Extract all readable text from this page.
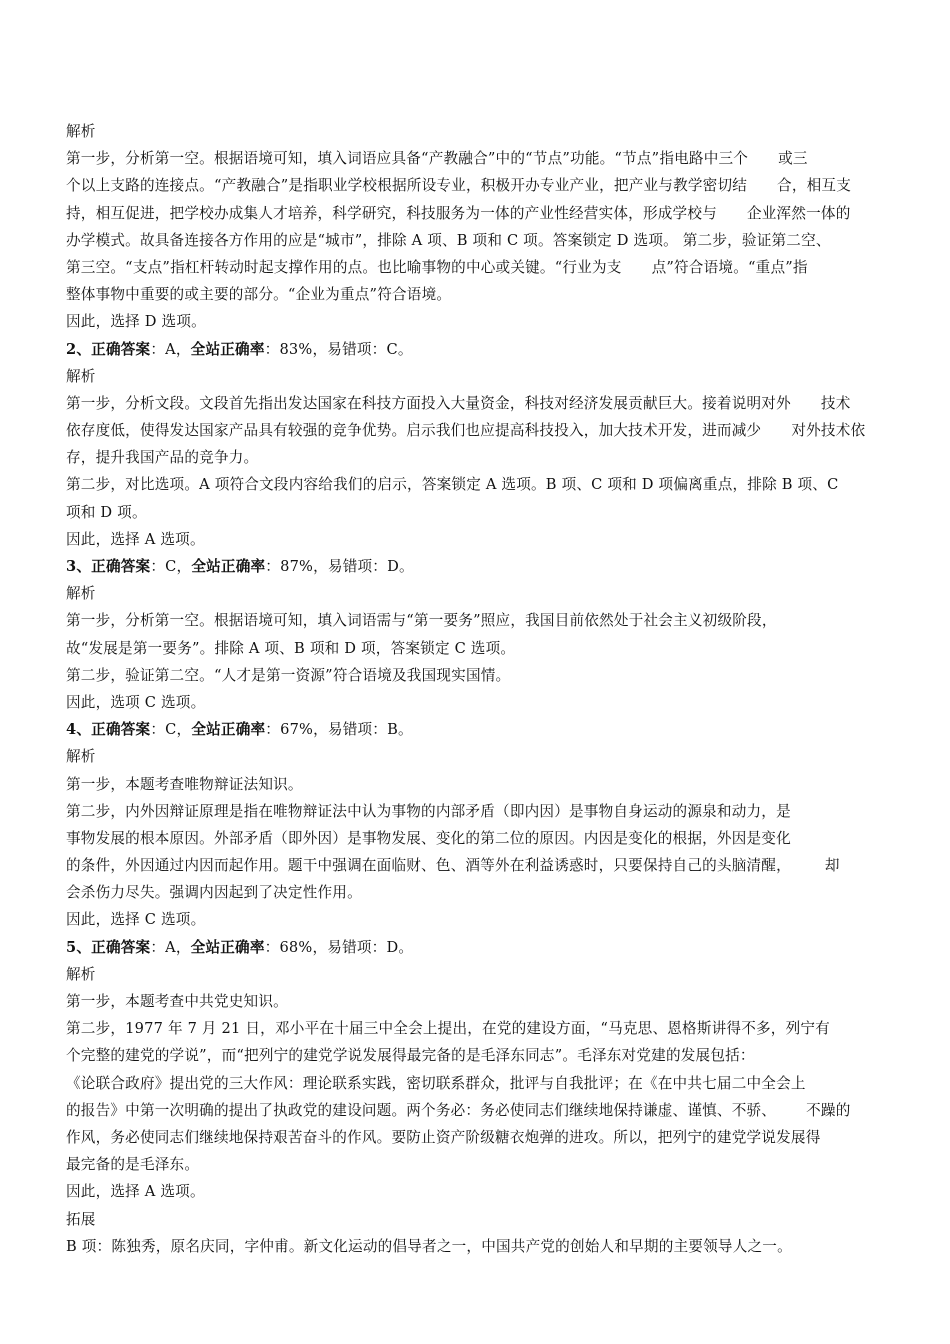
解析
第一步，分析第一空。根据语境可知，填入词语应具备“产教融合”中的“节点”功能。“节点”指电路中三个 或三
个以上支路的连接点。“产教融合”是指职业学校根据所设专业，积极开办专业产业，把产业与教学密切结 合，相互支
持，相互促进，把学校办成集人才培养，科学研究，科技服务为一体的产业性经营实体，形成学校与 企业浑然一体的
办学模式。故具备连接各方作用的应是“城市”，排除 A 项、B 项和 C 项。答案锁定 D 选项。 第二步，验证第二空、
第三空。“支点”指杠杆转动时起支撑作用的点。也比喻事物的中心或关键。“行业为支 点”符合语境。“重点”指
整体事物中重要的或主要的部分。“企业为重点”符合语境。
因此，选择 D 选项。
2、正确答案：A，全站正确率：83%，易错项：C。
解析
第一步，分析文段。文段首先指出发达国家在科技方面投入大量资金，科技对经济发展贡献巨大。接着说明对外 技术
依存度低，使得发达国家产品具有较强的竞争优势。启示我们也应提高科技投入，加大技术开发，进而减少 对外技术依
存，提升我国产品的竞争力。
第二步，对比选项。A 项符合文段内容给我们的启示，答案锁定 A 选项。B 项、C 项和 D 项偏离重点，排除 B 项、C
项和 D 项。
因此，选择 A 选项。
3、正确答案：C，全站正确率：87%，易错项：D。
解析
第一步，分析第一空。根据语境可知，填入词语需与“第一要务”照应，我国目前依然处于社会主义初级阶段，
故“发展是第一要务”。排除 A 项、B 项和 D 项，答案锁定 C 选项。
第二步，验证第二空。“人才是第一资源”符合语境及我国现实国情。
因此，选项 C 选项。
4、正确答案：C，全站正确率：67%，易错项：B。
解析
第一步，本题考查唯物辩证法知识。
第二步，内外因辩证原理是指在唯物辩证法中认为事物的内部矛盾（即内因）是事物自身运动的源泉和动力，是
事物发展的根本原因。外部矛盾（即外因）是事物发展、变化的第二位的原因。内因是变化的根据，外因是变化
的条件，外因通过内因而起作用。题干中强调在面临财、色、酒等外在利益诱惑时，只要保持自己的头脑清醒， 却
会杀伤力尽失。强调内因起到了决定性作用。
因此，选择 C 选项。
5、正确答案：A，全站正确率：68%，易错项：D。
解析
第一步，本题考查中共党史知识。
第二步，1977 年 7 月 21 日，邓小平在十届三中全会上提出，在党的建设方面，“马克思、恩格斯讲得不多，列宁有
个完整的建党的学说”，而“把列宁的建党学说发展得最完备的是毛泽东同志”。毛泽东对党建的发展包括：
《论联合政府》提出党的三大作风：理论联系实践，密切联系群众，批评与自我批评；在《在中共七届二中全会上
的报告》中第一次明确的提出了执政党的建设问题。两个务必：务必使同志们继续地保持谦虚、谨慎、不骄、 不躁的
作风，务必使同志们继续地保持艰苦奋斗的作风。要防止资产阶级糖衣炮弹的进攻。所以，把列宁的建党学说发展得
最完备的是毛泽东。
因此，选择 A 选项。
拓展
B 项：陈独秀，原名庆同，字仲甫。新文化运动的倡导者之一，中国共产党的创始人和早期的主要领导人之一。
